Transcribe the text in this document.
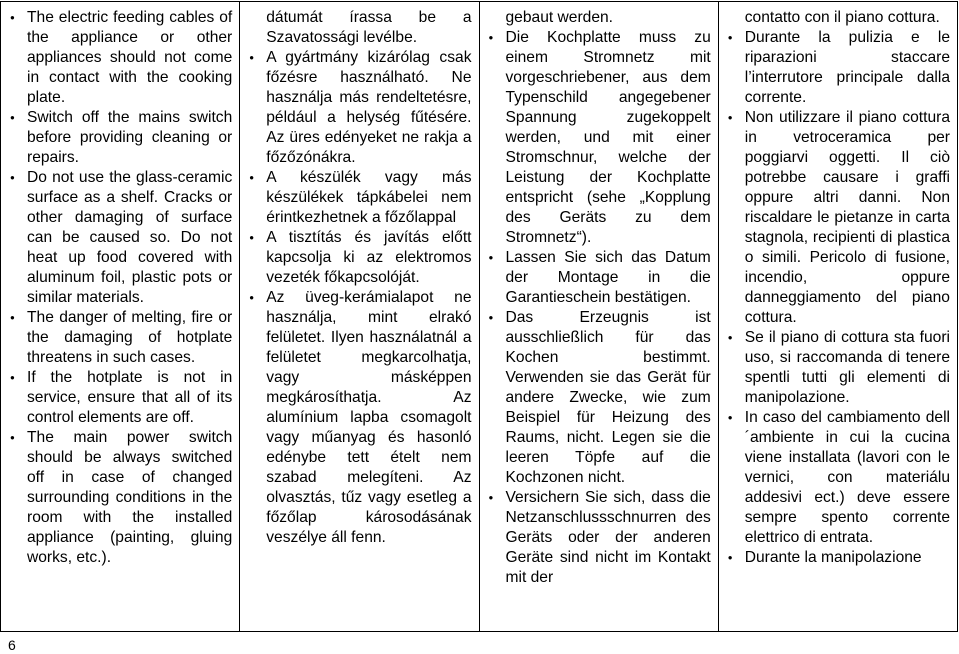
● The electric feeding cables of the appliance or other appliances should not come in contact with the cooking plate.
● Switch off the mains switch before providing cleaning or repairs.
● Do not use the glass-ceramic surface as a shelf. Cracks or other damaging of surface can be caused so. Do not heat up food covered with aluminum foil, plastic pots or similar materials.
● The danger of melting, fire or the damaging of hotplate threatens in such cases.
● If the hotplate is not in service, ensure that all of its control elements are off.
● The main power switch should be always switched off in case of changed surrounding conditions in the room with the installed appliance (painting, gluing works, etc.).

dátumát írassa be a Szavatossági levélbe.
● A gyártmány kizárólag csak főzésre használható. Ne használja más rendeltetésre, például a helység fűtésére. Az üres edényeket ne rakja a főzőzónákra.
● A készülék vagy más készülékek tápkábelei nem érintkezhetnek a főzőlappal
● A tisztítás és javítás előtt kapcsolja ki az elektromos vezeték főkapcsolóját.
● Az üveg-kerámialapot ne használja, mint elrakó felületet. Ilyen használatnál a felületet megkarcolhatja, vagy másképpen megkárosíthatja. Az alumínium lapba csomagolt vagy műanyag és hasonló edénybe tett ételt nem szabad melegíteni. Az olvasztás, tűz vagy esetleg a főzőlap károsodásának veszélye áll fenn.

gebaut werden.
● Die Kochplatte muss zu einem Stromnetz mit vorgeschriebener, aus dem Typenschild angegebener Spannung zugekoppelt werden, und mit einer Stromschnur, welche der Leistung der Kochplatte entspricht (sehe „Kopplung des Geräts zu dem Stromnetz“).
● Lassen Sie sich das Datum der Montage in die Garantieschein bestätigen.
● Das Erzeugnis ist ausschließlich für das Kochen bestimmt. Verwenden sie das Gerät für andere Zwecke, wie zum Beispiel für Heizung des Raums, nicht. Legen sie die leeren Töpfe auf die Kochzonen nicht.
● Versichern Sie sich, dass die Netzanschlussschnurren des Geräts oder der anderen Geräte sind nicht im Kontakt mit der

contatto con il piano cottura.
● Durante la pulizia e le riparazioni staccare l’interrutore principale dalla corrente.
● Non utilizzare il piano cottura in vetroceramica per poggiarvi oggetti. Il ciò potrebbe causare i graffi oppure altri danni. Non riscaldare le pietanze in carta stagnola, recipienti di plastica o simili. Pericolo di fusione, incendio, oppure danneggiamento del piano cottura.
● Se il piano di cottura sta fuori uso, si raccomanda di tenere spentli tutti gli elementi di manipolazione.
● In caso del cambiamento dell´ambiente in cui la cucina viene installata (lavori con le vernici, con materiálu addesivi ect.) deve essere sempre spento corrente elettrico di entrata.
● Durante la manipolazione
6
